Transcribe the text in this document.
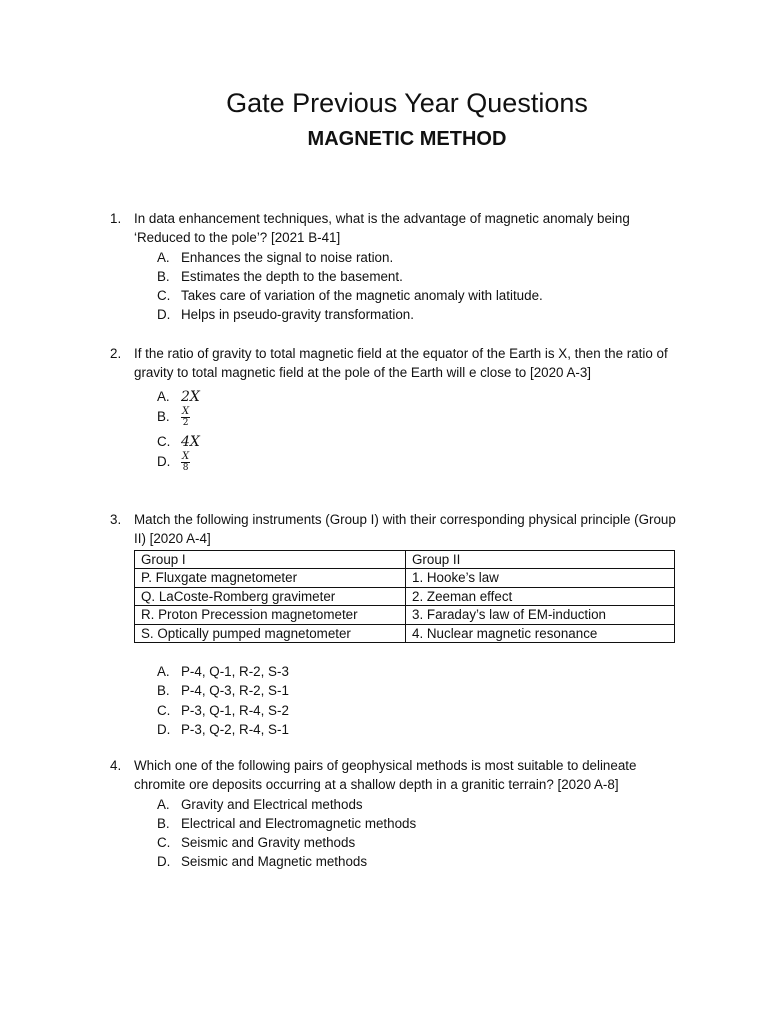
Gate Previous Year Questions
MAGNETIC METHOD
1. In data enhancement techniques, what is the advantage of magnetic anomaly being ‘Reduced to the pole’? [2021 B-41]
A. Enhances the signal to noise ration.
B. Estimates the depth to the basement.
C. Takes care of variation of the magnetic anomaly with latitude.
D. Helps in pseudo-gravity transformation.
2. If the ratio of gravity to total magnetic field at the equator of the Earth is X, then the ratio of gravity to total magnetic field at the pole of the Earth will e close to [2020 A-3]
A. 2X
B. $\frac{X}{2}$
C. 4X
D. $\frac{X}{8}$
3. Match the following instruments (Group I) with their corresponding physical principle (Group II) [2020 A-4]
Group I	Group II
P. Fluxgate magnetometer	1. Hooke’s law
Q. LaCoste-Romberg gravimeter	2. Zeeman effect
R. Proton Precession magnetometer	3. Faraday’s law of EM-induction
S. Optically pumped magnetometer	4. Nuclear magnetic resonance
A. P-4, Q-1, R-2, S-3
B. P-4, Q-3, R-2, S-1
C. P-3, Q-1, R-4, S-2
D. P-3, Q-2, R-4, S-1
4. Which one of the following pairs of geophysical methods is most suitable to delineate chromite ore deposits occurring at a shallow depth in a granitic terrain? [2020 A-8]
A. Gravity and Electrical methods
B. Electrical and Electromagnetic methods
C. Seismic and Gravity methods
D. Seismic and Magnetic methods
